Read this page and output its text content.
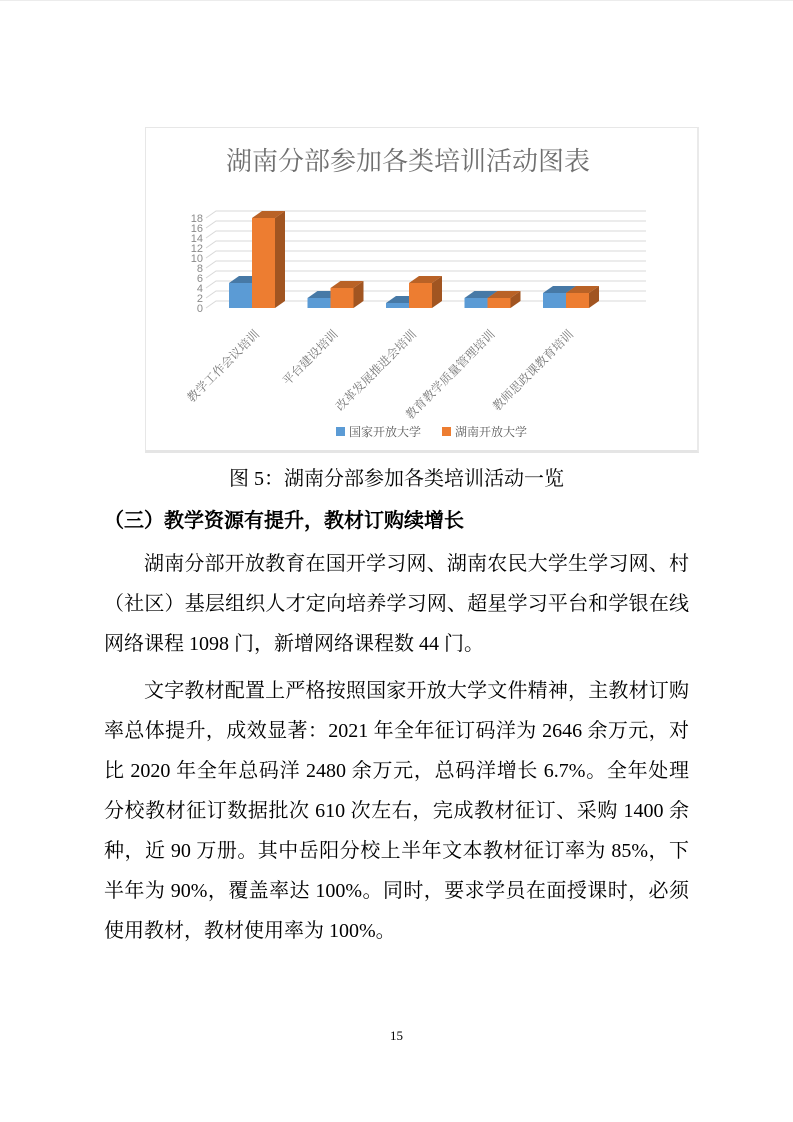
湖南分部参加各类培训活动图表
0
2
4
6
8
10
12
14
16
18
教学工作会议培训 平台建设培训
改革发展推进会培训
教育教学质量管理培训
教师思政课教育培训
国家开放大学	湖南开放大学

图 5：湖南分部参加各类培训活动一览

（三）教学资源有提升，教材订购续增长

湖南分部开放教育在国开学习网、湖南农民大学生学习网、村（社区）基层组织人才定向培养学习网、超星学习平台和学银在线网络课程 1098 门，新增网络课程数 44 门。

文字教材配置上严格按照国家开放大学文件精神，主教材订购率总体提升，成效显著：2021 年全年征订码洋为 2646 余万元，对比 2020 年全年总码洋 2480 余万元，总码洋增长 6.7%。全年处理分校教材征订数据批次 610 次左右，完成教材征订、采购 1400 余种，近 90 万册。其中岳阳分校上半年文本教材征订率为 85%，下半年为 90%，覆盖率达 100%。同时，要求学员在面授课时，必须使用教材，教材使用率为 100%。

15
